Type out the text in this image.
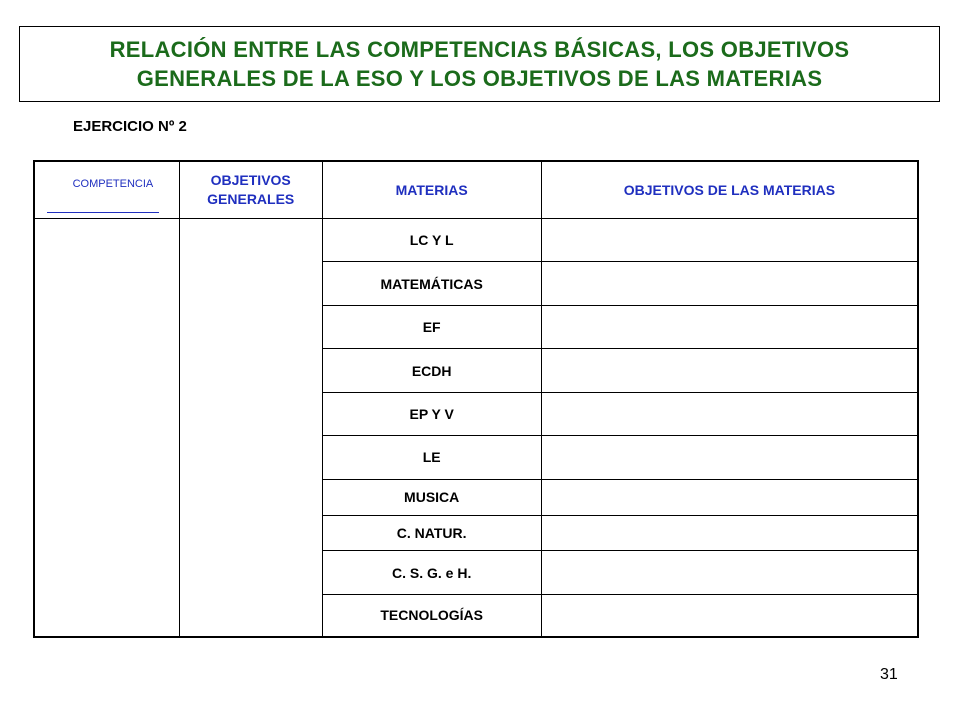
RELACIÓN ENTRE LAS COMPETENCIAS BÁSICAS, LOS OBJETIVOS
GENERALES DE LA ESO Y LOS OBJETIVOS DE LAS MATERIAS
EJERCICIO Nº 2
COMPETENCIA	OBJETIVOS GENERALES	MATERIAS	OBJETIVOS DE LAS MATERIAS
		LC Y L	
		MATEMÁTICAS	
		EF	
		ECDH	
		EP Y V	
		LE	
		MUSICA	
		C. NATUR.	
		C. S. G. e H.	
		TECNOLOGÍAS	
31
